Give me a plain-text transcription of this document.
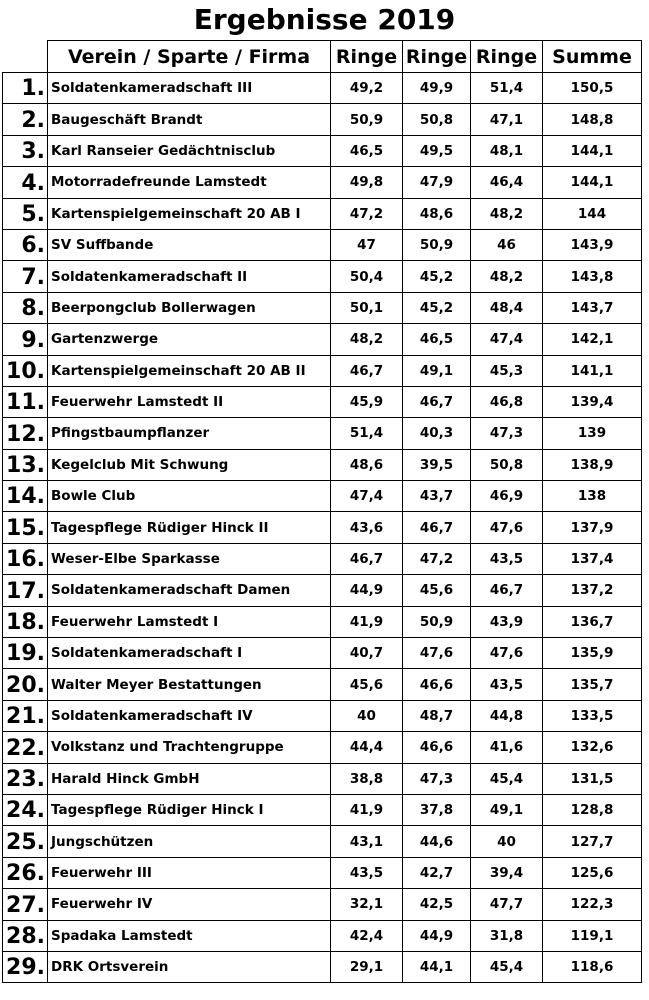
Ergebnisse 2019
	Verein / Sparte / Firma	Ringe	Ringe	Ringe	Summe
1.	Soldatenkameradschaft III	49,2	49,9	51,4	150,5
2.	Baugeschäft Brandt	50,9	50,8	47,1	148,8
3.	Karl Ranseier Gedächtnisclub	46,5	49,5	48,1	144,1
4.	Motorradefreunde Lamstedt	49,8	47,9	46,4	144,1
5.	Kartenspielgemeinschaft 20 AB I	47,2	48,6	48,2	144
6.	SV Suffbande	47	50,9	46	143,9
7.	Soldatenkameradschaft II	50,4	45,2	48,2	143,8
8.	Beerpongclub Bollerwagen	50,1	45,2	48,4	143,7
9.	Gartenzwerge	48,2	46,5	47,4	142,1
10.	Kartenspielgemeinschaft 20 AB II	46,7	49,1	45,3	141,1
11.	Feuerwehr Lamstedt II	45,9	46,7	46,8	139,4
12.	Pfingstbaumpflanzer	51,4	40,3	47,3	139
13.	Kegelclub Mit Schwung	48,6	39,5	50,8	138,9
14.	Bowle Club	47,4	43,7	46,9	138
15.	Tagespflege Rüdiger Hinck II	43,6	46,7	47,6	137,9
16.	Weser-Elbe Sparkasse	46,7	47,2	43,5	137,4
17.	Soldatenkameradschaft Damen	44,9	45,6	46,7	137,2
18.	Feuerwehr Lamstedt I	41,9	50,9	43,9	136,7
19.	Soldatenkameradschaft I	40,7	47,6	47,6	135,9
20.	Walter Meyer Bestattungen	45,6	46,6	43,5	135,7
21.	Soldatenkameradschaft IV	40	48,7	44,8	133,5
22.	Volkstanz und Trachtengruppe	44,4	46,6	41,6	132,6
23.	Harald Hinck GmbH	38,8	47,3	45,4	131,5
24.	Tagespflege Rüdiger Hinck I	41,9	37,8	49,1	128,8
25.	Jungschützen	43,1	44,6	40	127,7
26.	Feuerwehr III	43,5	42,7	39,4	125,6
27.	Feuerwehr IV	32,1	42,5	47,7	122,3
28.	Spadaka Lamstedt	42,4	44,9	31,8	119,1
29.	DRK Ortsverein	29,1	44,1	45,4	118,6
